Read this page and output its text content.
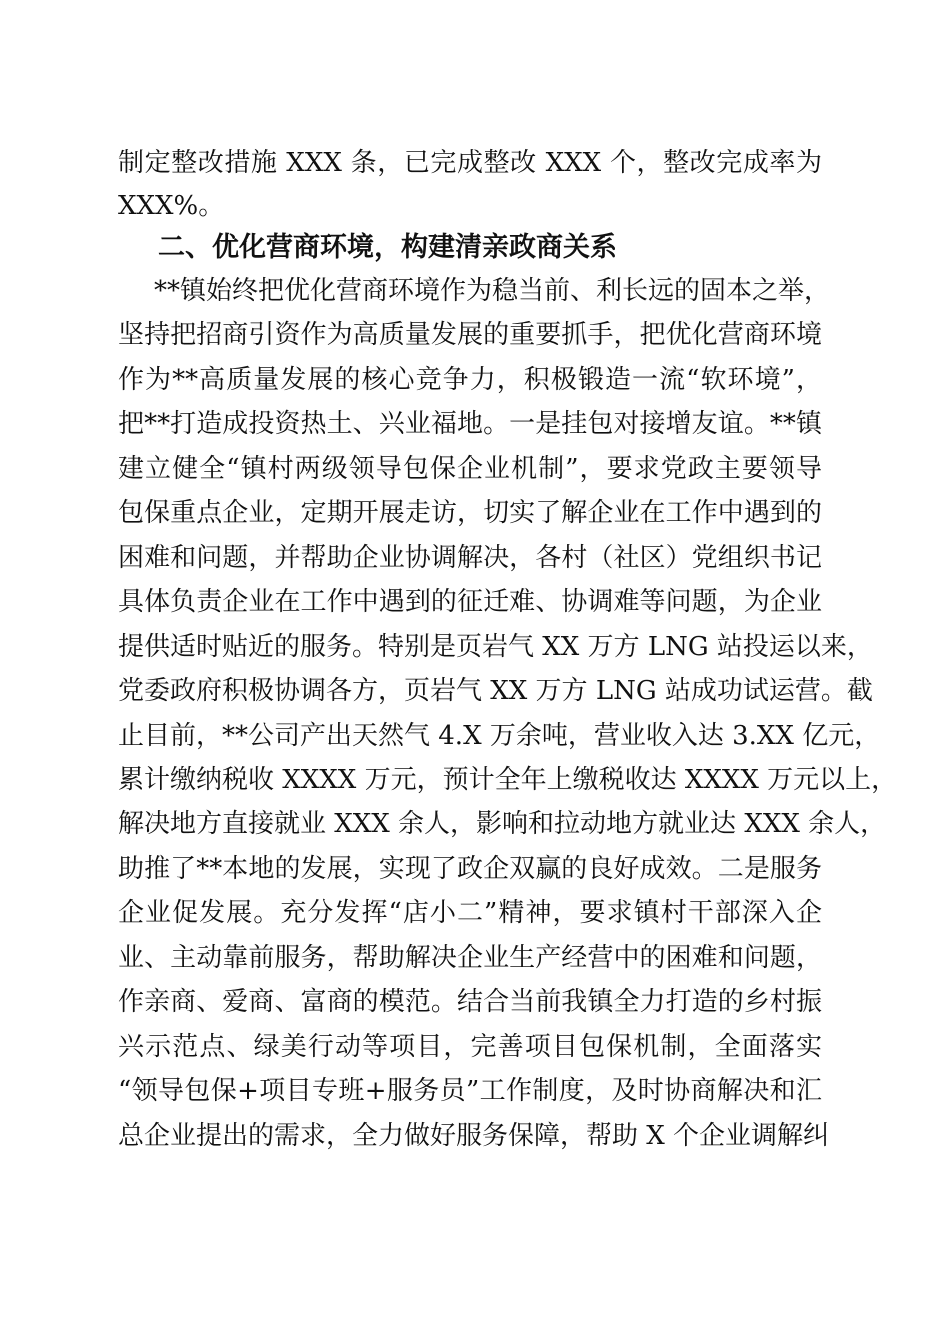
制定整改措施 XXX 条，已完成整改 XXX 个，整改完成率为
XXX%。
二、优化营商环境，构建清亲政商关系
**镇始终把优化营商环境作为稳当前、利长远的固本之举，
坚持把招商引资作为高质量发展的重要抓手，把优化营商环境
作为**高质量发展的核心竞争力，积极锻造一流“软环境”，
把**打造成投资热土、兴业福地。一是挂包对接增友谊。**镇
建立健全“镇村两级领导包保企业机制”，要求党政主要领导
包保重点企业，定期开展走访，切实了解企业在工作中遇到的
困难和问题，并帮助企业协调解决，各村（社区）党组织书记
具体负责企业在工作中遇到的征迁难、协调难等问题，为企业
提供适时贴近的服务。特别是页岩气 XX 万方 LNG 站投运以来，
党委政府积极协调各方，页岩气 XX 万方 LNG 站成功试运营。截
止目前，**公司产出天然气 4.X 万余吨，营业收入达 3.XX 亿元，
累计缴纳税收 XXXX 万元，预计全年上缴税收达 XXXX 万元以上，
解决地方直接就业 XXX 余人，影响和拉动地方就业达 XXX 余人，
助推了**本地的发展，实现了政企双赢的良好成效。二是服务
企业促发展。充分发挥“店小二”精神，要求镇村干部深入企
业、主动靠前服务，帮助解决企业生产经营中的困难和问题，
作亲商、爱商、富商的模范。结合当前我镇全力打造的乡村振
兴示范点、绿美行动等项目，完善项目包保机制，全面落实
“领导包保+项目专班+服务员”工作制度，及时协商解决和汇
总企业提出的需求，全力做好服务保障，帮助 X 个企业调解纠
